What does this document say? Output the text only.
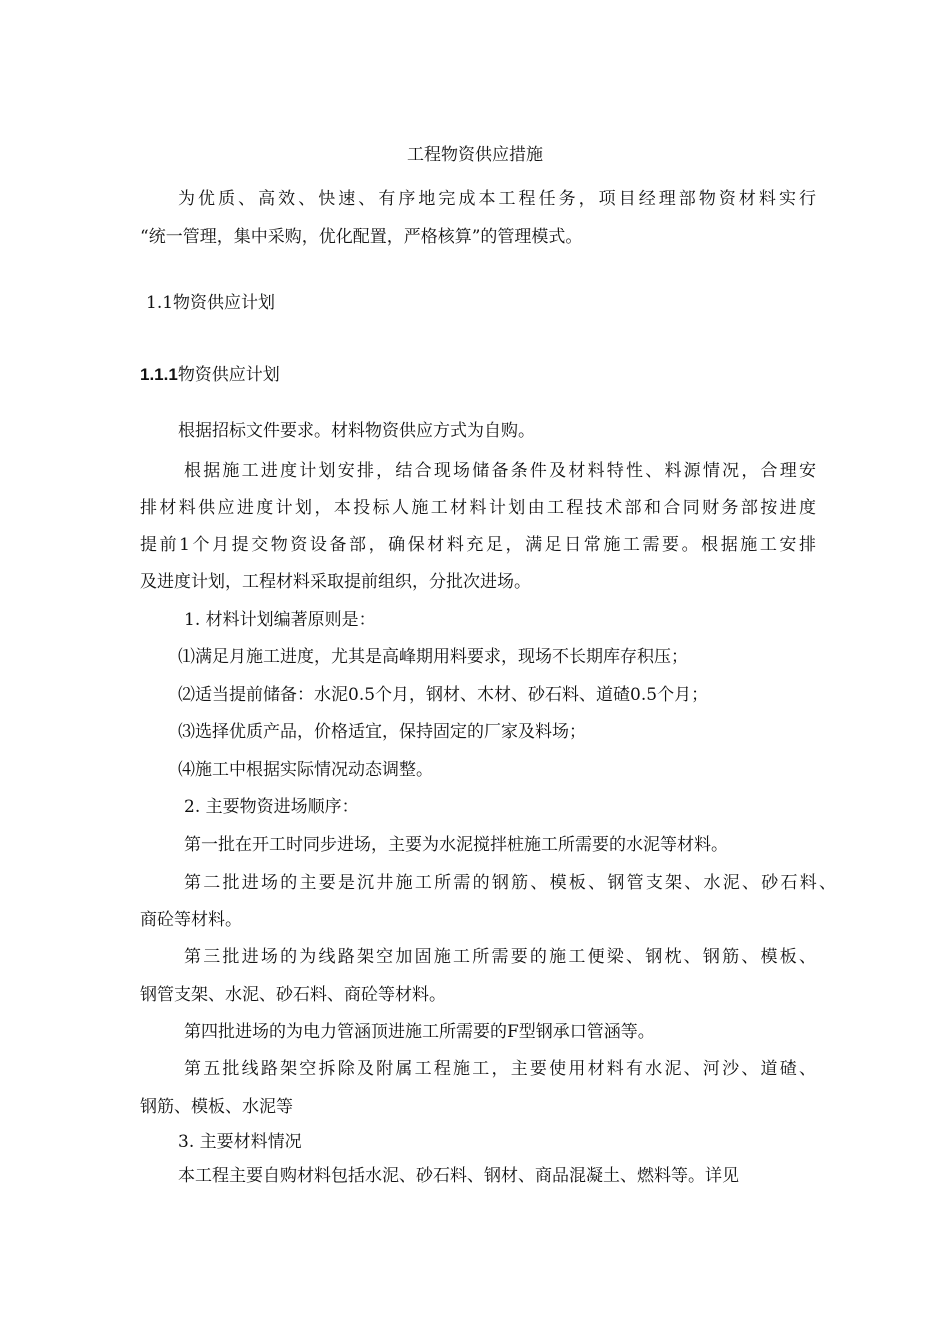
工程物资供应措施
为优质、高效、快速、有序地完成本工程任务，项目经理部物资材料实行
“统一管理，集中采购，优化配置，严格核算”的管理模式。
1.1物资供应计划
1.1.1物资供应计划
根据招标文件要求。材料物资供应方式为自购。
根据施工进度计划安排，结合现场储备条件及材料特性、料源情况，合理安
排材料供应进度计划，本投标人施工材料计划由工程技术部和合同财务部按进度
提前1个月提交物资设备部，确保材料充足，满足日常施工需要。根据施工安排
及进度计划，工程材料采取提前组织，分批次进场。
1. 材料计划编著原则是：
⑴满足月施工进度，尤其是高峰期用料要求，现场不长期库存积压；
⑵适当提前储备：水泥0.5个月，钢材、木材、砂石料、道碴0.5个月；
⑶选择优质产品，价格适宜，保持固定的厂家及料场；
⑷施工中根据实际情况动态调整。
2. 主要物资进场顺序：
第一批在开工时同步进场，主要为水泥搅拌桩施工所需要的水泥等材料。
第二批进场的主要是沉井施工所需的钢筋、模板、钢管支架、水泥、砂石料、
商砼等材料。
第三批进场的为线路架空加固施工所需要的施工便梁、钢枕、钢筋、模板、
钢管支架、水泥、砂石料、商砼等材料。
第四批进场的为电力管涵顶进施工所需要的F型钢承口管涵等。
第五批线路架空拆除及附属工程施工，主要使用材料有水泥、河沙、道碴、
钢筋、模板、水泥等
3. 主要材料情况
本工程主要自购材料包括水泥、砂石料、钢材、商品混凝土、燃料等。详见
